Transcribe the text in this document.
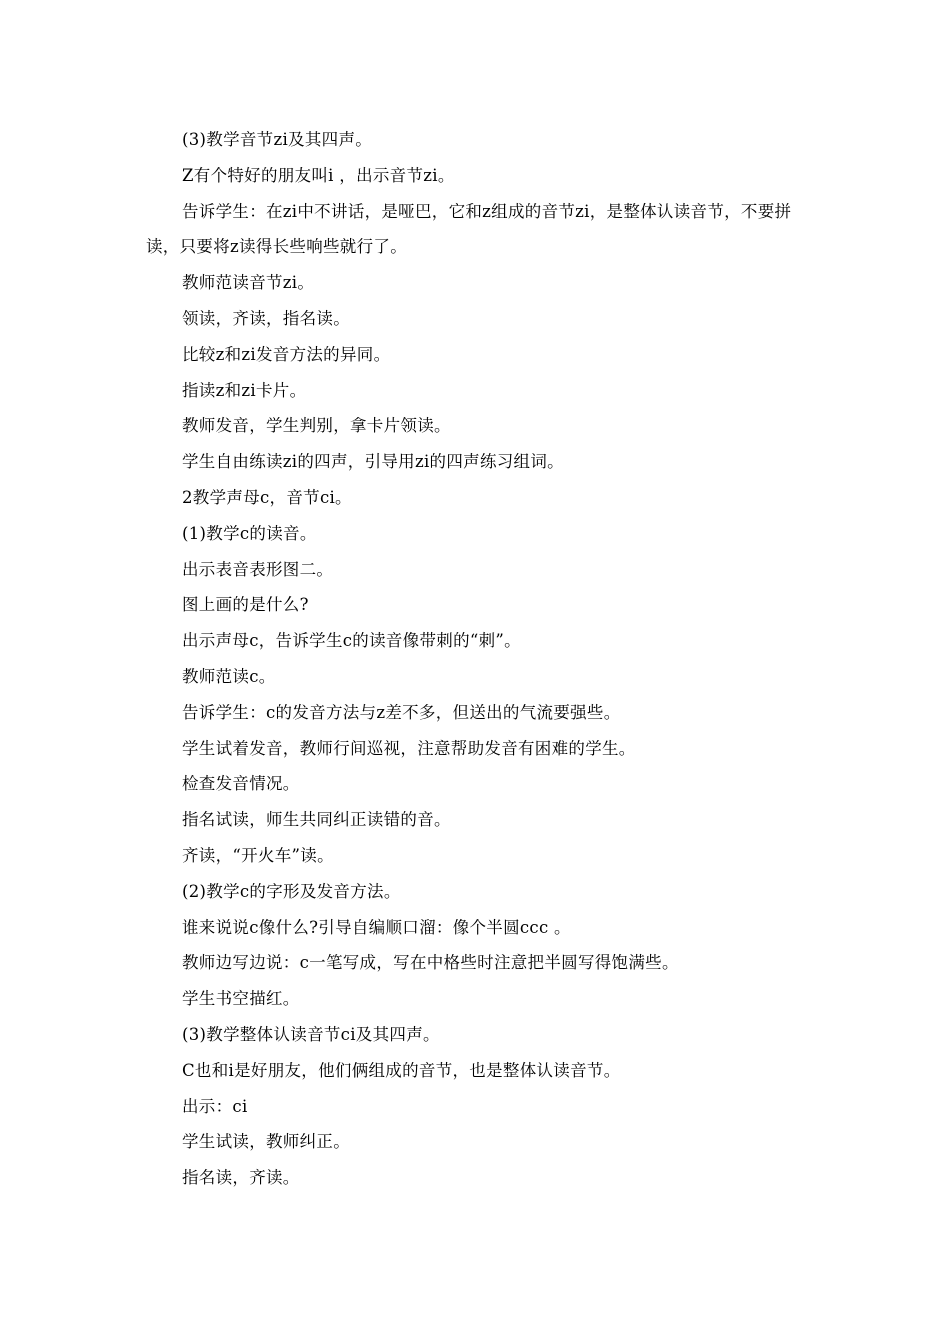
(3)教学音节zi及其四声。

Z有个特好的朋友叫i ，出示音节zi。

告诉学生：在zi中不讲话，是哑巴，它和z组成的音节zi，是整体认读音节，不要拼读，只要将z读得长些响些就行了。

教师范读音节zi。

领读，齐读，指名读。

比较z和zi发音方法的异同。

指读z和zi卡片。

教师发音，学生判别，拿卡片领读。

学生自由练读zi的四声，引导用zi的四声练习组词。

2教学声母c，音节ci。

(1)教学c的读音。

出示表音表形图二。

图上画的是什么?

出示声母c，告诉学生c的读音像带刺的“刺”。

教师范读c。

告诉学生：c的发音方法与z差不多，但送出的气流要强些。

学生试着发音，教师行间巡视，注意帮助发音有困难的学生。

检查发音情况。

指名试读，师生共同纠正读错的音。

齐读，“开火车”读。

(2)教学c的字形及发音方法。

谁来说说c像什么?引导自编顺口溜：像个半圆ccc 。

教师边写边说：c一笔写成，写在中格些时注意把半圆写得饱满些。

学生书空描红。

(3)教学整体认读音节ci及其四声。

C也和i是好朋友，他们俩组成的音节，也是整体认读音节。

出示：ci

学生试读，教师纠正。

指名读，齐读。
